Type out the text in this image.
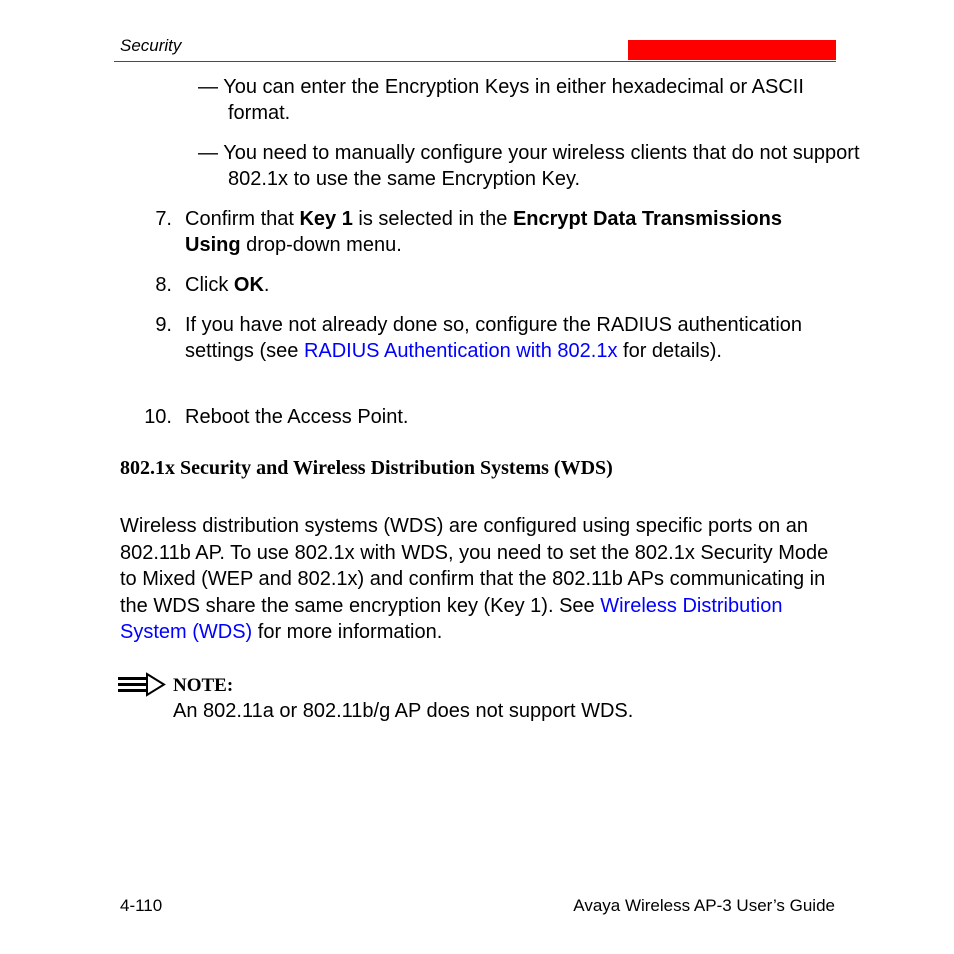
Security
— You can enter the Encryption Keys in either hexadecimal or ASCII format.
— You need to manually configure your wireless clients that do not support 802.1x to use the same Encryption Key.
7. Confirm that Key 1 is selected in the Encrypt Data Transmissions Using drop-down menu.
8. Click OK.
9. If you have not already done so, configure the RADIUS authentication settings (see RADIUS Authentication with 802.1x for details).
10. Reboot the Access Point.
802.1x Security and Wireless Distribution Systems (WDS)
Wireless distribution systems (WDS) are configured using specific ports on an 802.11b AP. To use 802.1x with WDS, you need to set the 802.1x Security Mode to Mixed (WEP and 802.1x) and confirm that the 802.11b APs communicating in the WDS share the same encryption key (Key 1). See Wireless Distribution System (WDS) for more information.
NOTE:
An 802.11a or 802.11b/g AP does not support WDS.
4-110	Avaya Wireless AP-3 User’s Guide
